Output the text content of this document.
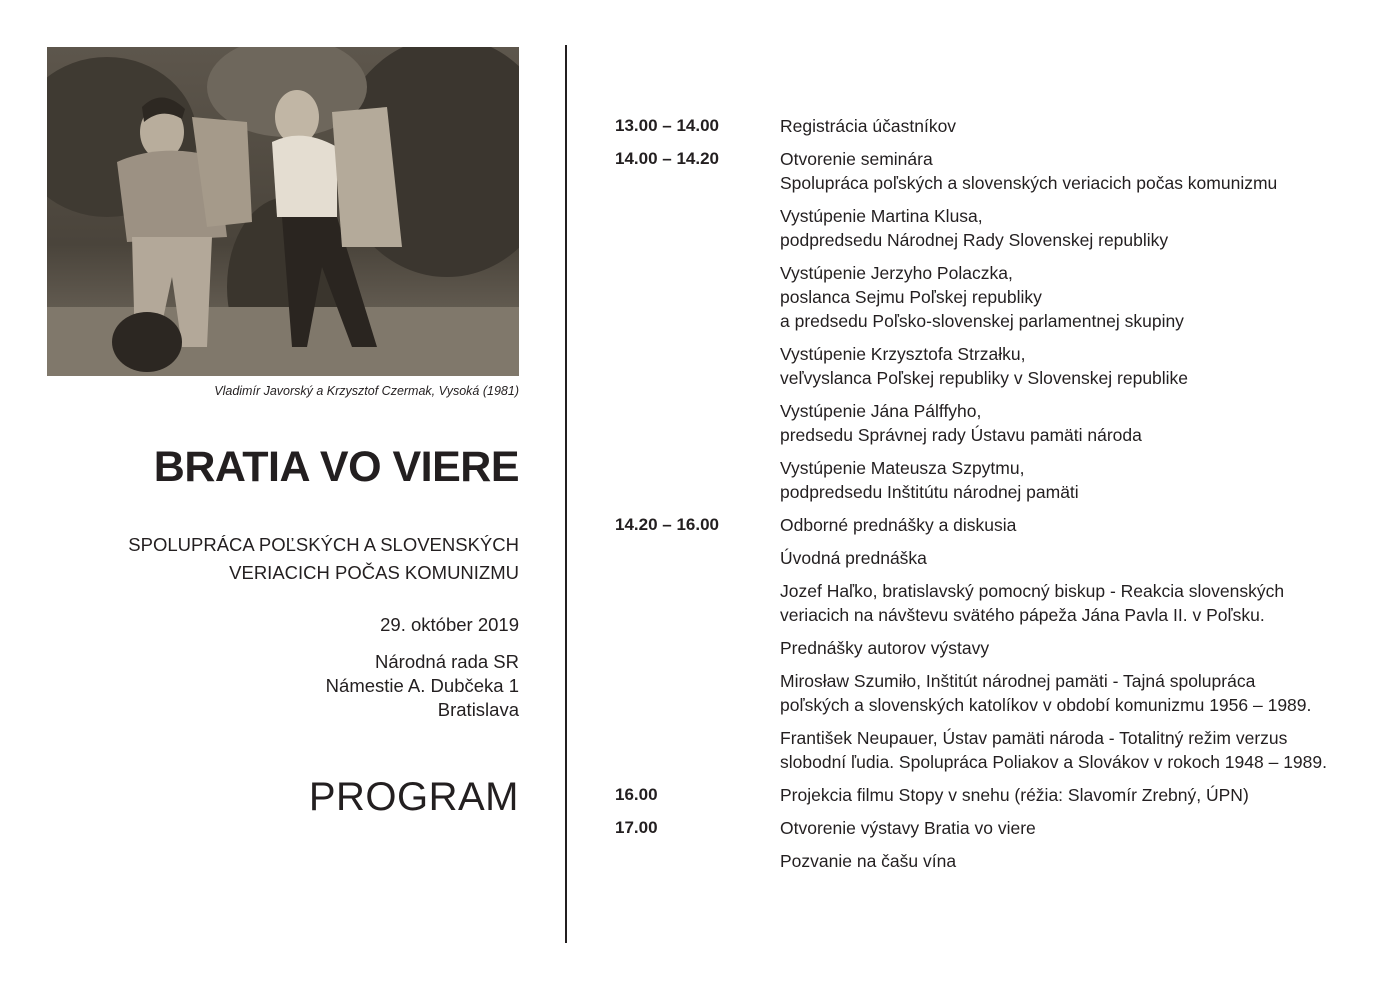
Vladimír Javorský a Krzysztof Czermak, Vysoká (1981)
BRATIA VO VIERE
SPOLUPRÁCA POĽSKÝCH A SLOVENSKÝCH
VERIACICH POČAS KOMUNIZMU
29. október 2019
Národná rada SR
Námestie A. Dubčeka 1
Bratislava
PROGRAM
13.00 – 14.00	Registrácia účastníkov
14.00 – 14.20	Otvorenie seminára
Spolupráca poľských a slovenských veriacich počas komunizmu
Vystúpenie Martina Klusa,
podpredsedu Národnej Rady Slovenskej republiky
Vystúpenie Jerzyho Polaczka,
poslanca Sejmu Poľskej republiky
a predsedu Poľsko-slovenskej parlamentnej skupiny
Vystúpenie Krzysztofa Strzałku,
veľvyslanca Poľskej republiky v Slovenskej republike
Vystúpenie Jána Pálffyho,
predsedu Správnej rady Ústavu pamäti národa
Vystúpenie Mateusza Szpytmu,
podpredsedu Inštitútu národnej pamäti
14.20 – 16.00	Odborné prednášky a diskusia
Úvodná prednáška
Jozef Haľko, bratislavský pomocný biskup - Reakcia slovenských
veriacich na návštevu svätého pápeža Jána Pavla II. v Poľsku.
Prednášky autorov výstavy
Mirosław Szumiło, Inštitút národnej pamäti - Tajná spolupráca
poľských a slovenských katolíkov v období komunizmu 1956 – 1989.
František Neupauer, Ústav pamäti národa - Totalitný režim verzus
slobodní ľudia. Spolupráca Poliakov a Slovákov v rokoch 1948 – 1989.
16.00	Projekcia filmu Stopy v snehu (réžia: Slavomír Zrebný, ÚPN)
17.00	Otvorenie výstavy Bratia vo viere
Pozvanie na čašu vína
